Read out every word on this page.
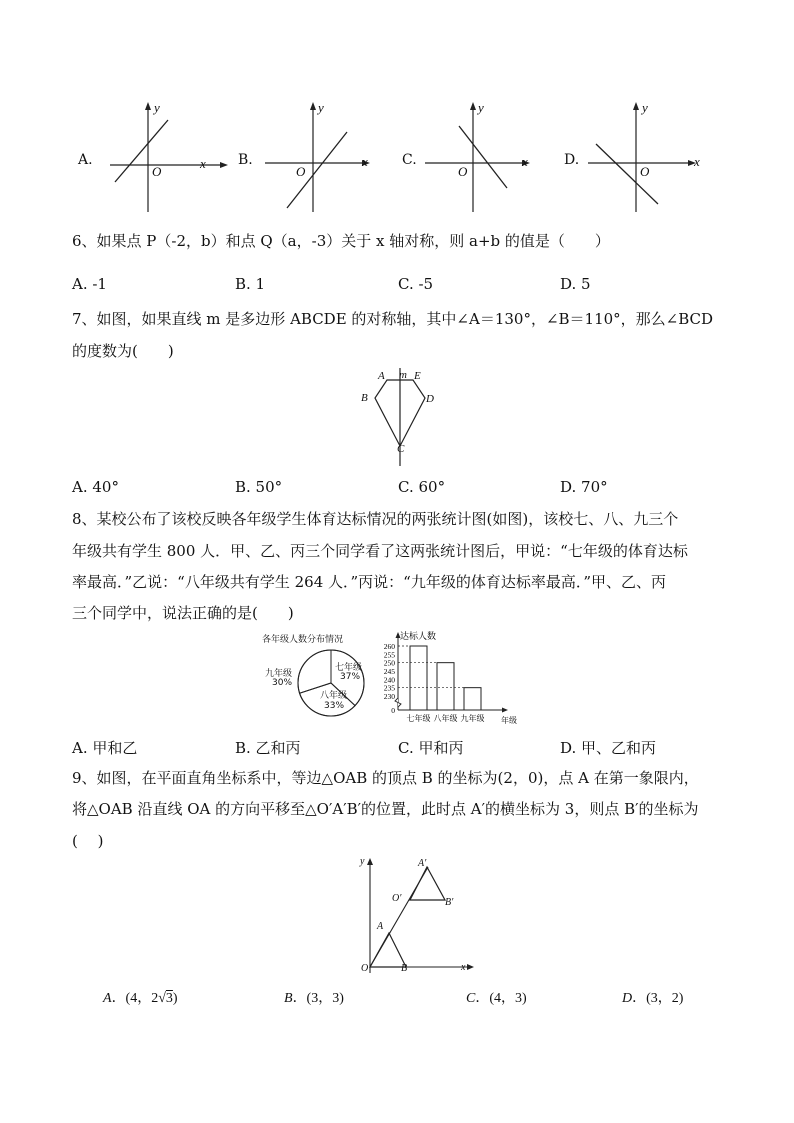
A.
y
x
O
B.
y
x
O
C.
y
x
O
D.
y
x
O
6、如果点 P（-2，b）和点 Q（a，-3）关于 x 轴对称，则 a+b 的值是（　　）
A. -1	B. 1	C. -5	D. 5
7、如图，如果直线 m 是多边形 ABCDE 的对称轴，其中∠A＝130°，∠B＝110°，那么∠BCD
的度数为(　　)
A m E
B	D
C
A. 40°	B. 50°	C. 60°	D. 70°
8、某校公布了该校反映各年级学生体育达标情况的两张统计图(如图)，该校七、八、九三个
年级共有学生 800 人．甲、乙、丙三个同学看了这两张统计图后，甲说：“七年级的体育达标
率最高．”乙说：“八年级共有学生 264 人．”丙说：“九年级的体育达标率最高．”甲、乙、丙
三个同学中，说法正确的是(　　)
各年级人数分布情况
九年级
30%
七年级
37%
八年级
33%
达标人数
年级
0
230
235
240
245
250
255
260
七年级 八年级 九年级
A. 甲和乙	B. 乙和丙	C. 甲和丙	D. 甲、乙和丙
9、如图，在平面直角坐标系中，等边△OAB 的顶点 B 的坐标为(2，0)，点 A 在第一象限内，
将△OAB 沿直线 OA 的方向平移至△O′A′B′的位置，此时点 A′的横坐标为 3，则点 B′的坐标为
(　 )
y
x
O
A
B
O′
A′
B′
A．(4，2√3)	B．(3，3)	C．(4，3)	D．(3，2)
